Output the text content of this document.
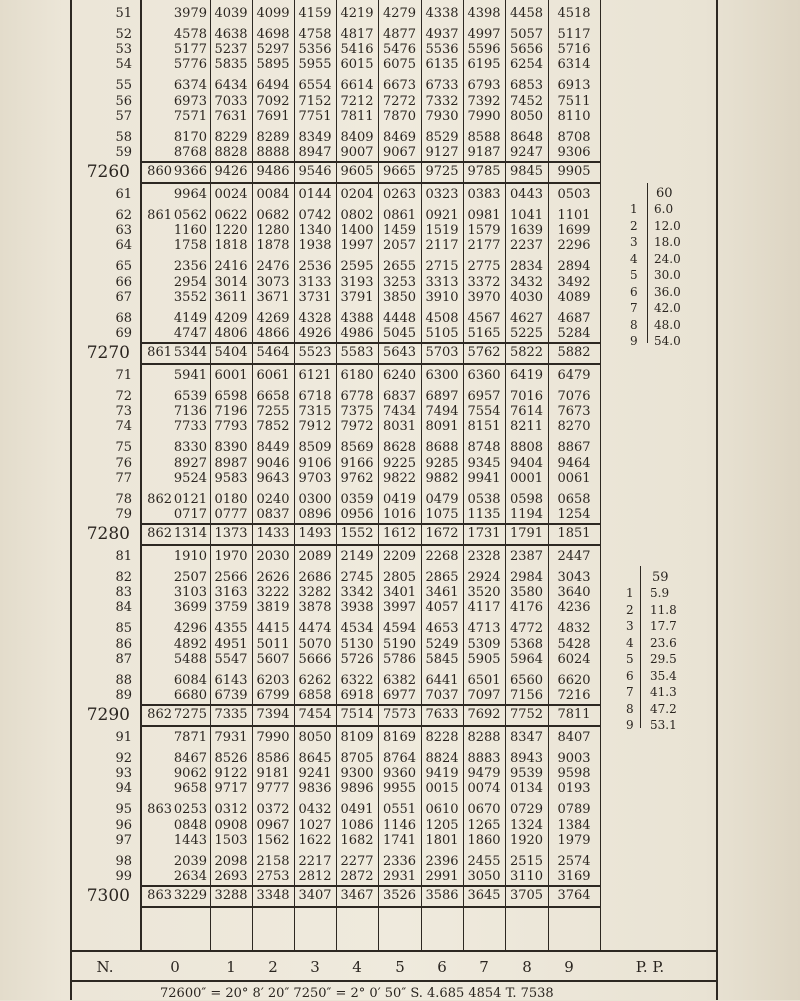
51	3979 4039 4099 4159 4219 4279 4338 4398 4458 4518
52	4578 4638 4698 4758 4817 4877 4937 4997 5057 5117
53	5177 5237 5297 5356 5416 5476 5536 5596 5656 5716
54	5776 5835 5895 5955 6015 6075 6135 6195 6254 6314
55	6374 6434 6494 6554 6614 6673 6733 6793 6853 6913
56	6973 7033 7092 7152 7212 7272 7332 7392 7452 7511
57	7571 7631 7691 7751 7811 7870 7930 7990 8050 8110
58	8170 8229 8289 8349 8409 8469 8529 8588 8648 8708
59	8768 8828 8888 8947 9007 9067 9127 9187 9247 9306
7260	860 9366 9426 9486 9546 9605 9665 9725 9785 9845 9905
61	9964 0024 0084 0144 0204 0263 0323 0383 0443 0503
62	861 0562 0622 0682 0742 0802 0861 0921 0981 1041 1101
63	1160 1220 1280 1340 1400 1459 1519 1579 1639 1699
64	1758 1818 1878 1938 1997 2057 2117 2177 2237 2296
65	2356 2416 2476 2536 2595 2655 2715 2775 2834 2894
66	2954 3014 3073 3133 3193 3253 3313 3372 3432 3492
67	3552 3611 3671 3731 3791 3850 3910 3970 4030 4089
68	4149 4209 4269 4328 4388 4448 4508 4567 4627 4687
69	4747 4806 4866 4926 4986 5045 5105 5165 5225 5284
7270	861 5344 5404 5464 5523 5583 5643 5703 5762 5822 5882
71	5941 6001 6061 6121 6180 6240 6300 6360 6419 6479
72	6539 6598 6658 6718 6778 6837 6897 6957 7016 7076
73	7136 7196 7255 7315 7375 7434 7494 7554 7614 7673
74	7733 7793 7852 7912 7972 8031 8091 8151 8211 8270
75	8330 8390 8449 8509 8569 8628 8688 8748 8808 8867
76	8927 8987 9046 9106 9166 9225 9285 9345 9404 9464
77	9524 9583 9643 9703 9762 9822 9882 9941 0001 0061
78	862 0121 0180 0240 0300 0359 0419 0479 0538 0598 0658
79	0717 0777 0837 0896 0956 1016 1075 1135 1194 1254
7280	862 1314 1373 1433 1493 1552 1612 1672 1731 1791 1851
81	1910 1970 2030 2089 2149 2209 2268 2328 2387 2447
82	2507 2566 2626 2686 2745 2805 2865 2924 2984 3043
83	3103 3163 3222 3282 3342 3401 3461 3520 3580 3640
84	3699 3759 3819 3878 3938 3997 4057 4117 4176 4236
85	4296 4355 4415 4474 4534 4594 4653 4713 4772 4832
86	4892 4951 5011 5070 5130 5190 5249 5309 5368 5428
87	5488 5547 5607 5666 5726 5786 5845 5905 5964 6024
88	6084 6143 6203 6262 6322 6382 6441 6501 6560 6620
89	6680 6739 6799 6858 6918 6977 7037 7097 7156 7216
7290	862 7275 7335 7394 7454 7514 7573 7633 7692 7752 7811
91	7871 7931 7990 8050 8109 8169 8228 8288 8347 8407
92	8467 8526 8586 8645 8705 8764 8824 8883 8943 9003
93	9062 9122 9181 9241 9300 9360 9419 9479 9539 9598
94	9658 9717 9777 9836 9896 9955 0015 0074 0134 0193
95	863 0253 0312 0372 0432 0491 0551 0610 0670 0729 0789
96	0848 0908 0967 1027 1086 1146 1205 1265 1324 1384
97	1443 1503 1562 1622 1682 1741 1801 1860 1920 1979
98	2039 2098 2158 2217 2277 2336 2396 2455 2515 2574
99	2634 2693 2753 2812 2872 2931 2991 3050 3110 3169
7300	863 3229 3288 3348 3407 3467 3526 3586 3645 3705 3764
60
1 6.0
2 12.0
3 18.0
4 24.0
5 30.0
6 36.0
7 42.0
8 48.0
9 54.0
59
1 5.9
2 11.8
3 17.7
4 23.6
5 29.5
6 35.4
7 41.3
8 47.2
9 53.1
N.	0	1	2	3	4	5	6	7	8	9	P. P.
72600″ = 20° 8′ 20″ 7250″ = 2° 0′ 50″ S. 4.685 4854 T. 7538
